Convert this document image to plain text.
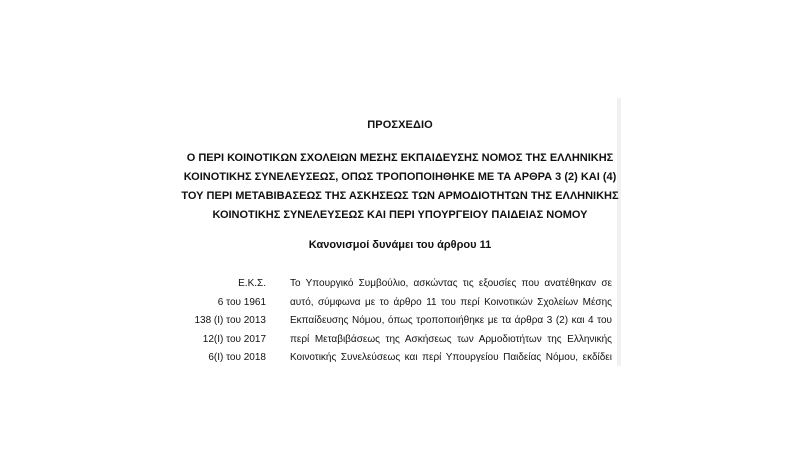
ΠΡΟΣΧΕΔΙΟ
Ο ΠΕΡΙ ΚΟΙΝΟΤΙΚΩΝ ΣΧΟΛΕΙΩΝ ΜΕΣΗΣ ΕΚΠΑΙΔΕΥΣΗΣ ΝΟΜΟΣ ΤΗΣ ΕΛΛΗΝΙΚΗΣ
ΚΟΙΝΟΤΙΚΗΣ ΣΥΝΕΛΕΥΣΕΩΣ, ΟΠΩΣ ΤΡΟΠΟΠΟΙΗΘΗΚΕ ΜΕ ΤΑ ΑΡΘΡΑ 3 (2) ΚΑΙ (4)
ΤΟΥ ΠΕΡΙ ΜΕΤΑΒΙΒΑΣΕΩΣ ΤΗΣ ΑΣΚΗΣΕΩΣ ΤΩΝ ΑΡΜΟΔΙΟΤΗΤΩΝ ΤΗΣ ΕΛΛΗΝΙΚΗΣ
ΚΟΙΝΟΤΙΚΗΣ ΣΥΝΕΛΕΥΣΕΩΣ ΚΑΙ ΠΕΡΙ ΥΠΟΥΡΓΕΙΟΥ ΠΑΙΔΕΙΑΣ ΝΟΜΟΥ
Κανονισμοί δυνάμει του άρθρου 11
Ε.Κ.Σ.
6 του 1961
138 (Ι) του 2013
12(Ι) του 2017
6(Ι) του 2018
Το Υπουργικό Συμβούλιο, ασκώντας τις εξουσίες που ανατέθηκαν σε
αυτό, σύμφωνα με το άρθρο 11 του περί Κοινοτικών Σχολείων Μέσης
Εκπαίδευσης Νόμου, όπως τροποποιήθηκε με τα άρθρα 3 (2) και 4 του
περί Μεταβιβάσεως της Ασκήσεως των Αρμοδιοτήτων της Ελληνικής
Κοινοτικής Συνελεύσεως και περί Υπουργείου Παιδείας Νόμου, εκδίδει
